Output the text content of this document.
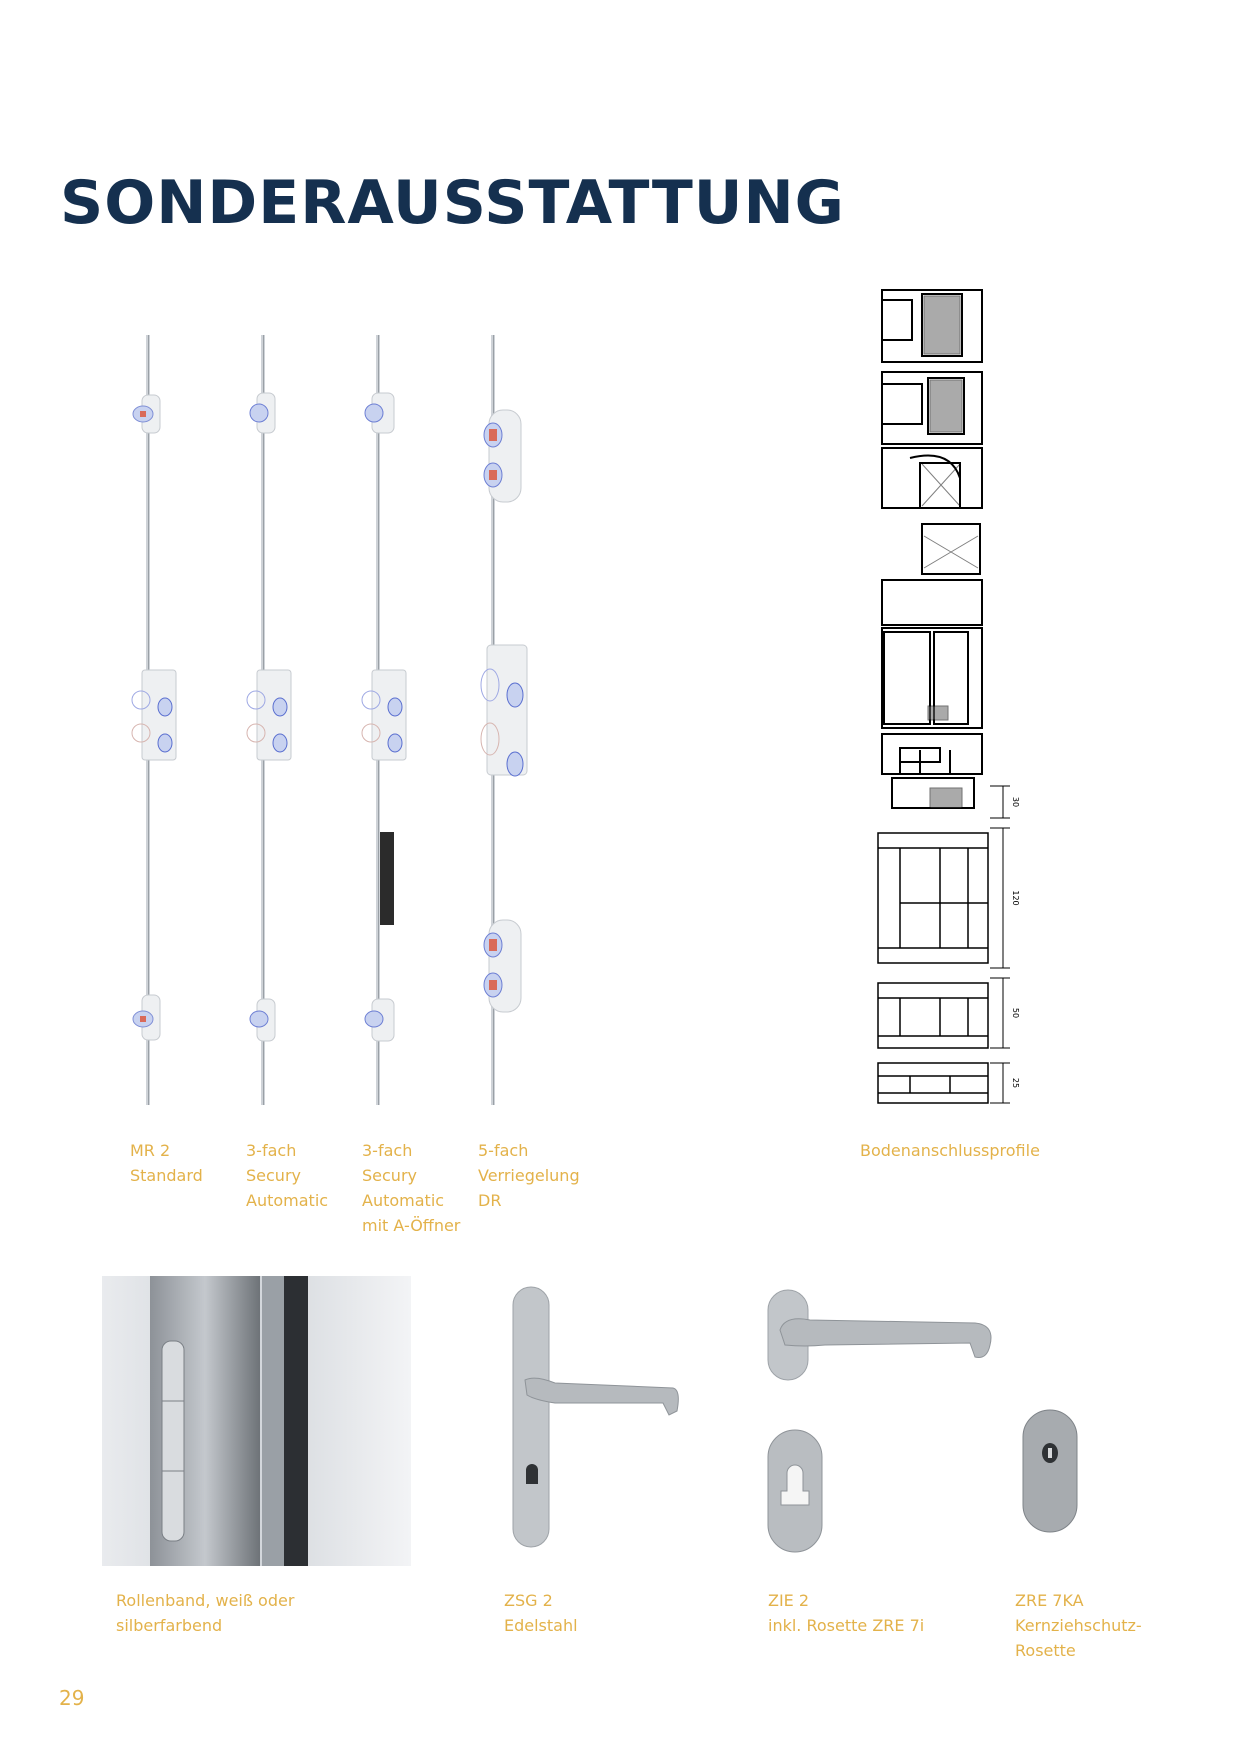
SONDERAUSSTATTUNG
MR 2
Standard
3-fach
Secury
Automatic
3-fach
Secury
Automatic
mit A-Öffner
5-fach
Verriegelung
DR
30
120
50
25
Bodenanschlussprofile
Rollenband, weiß oder
silberfarbend
ZSG 2
Edelstahl
ZIE 2
inkl. Rosette ZRE 7i
ZRE 7KA
Kernziehschutz-
Rosette
29
